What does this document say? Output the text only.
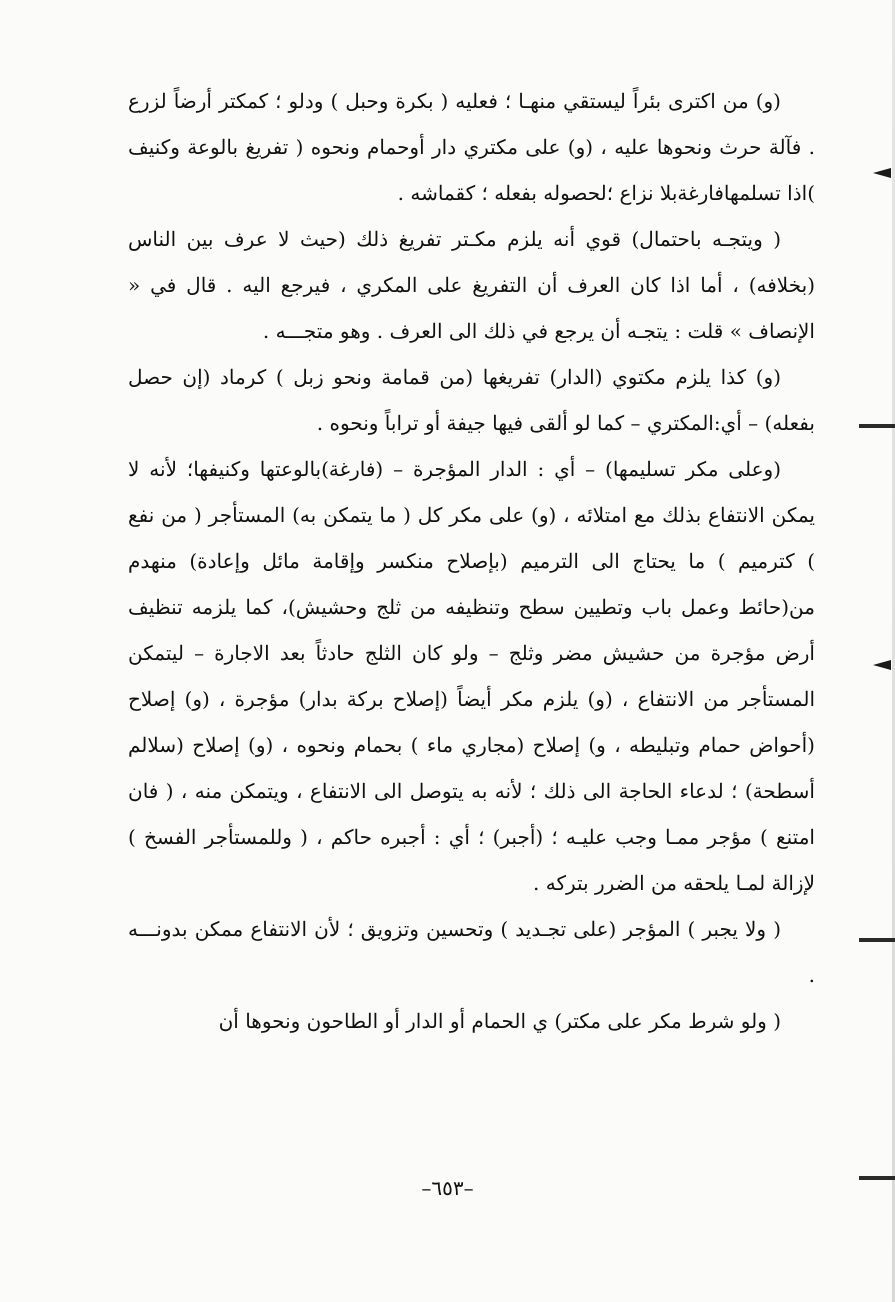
(و) من اكترى بئراً ليستقي منهـا ؛ فعليه ( بكرة وحبل ) ودلو ؛ كمكتر أرضاً لزرع . فآلة حرث ونحوها عليه ، (و) على مكتري دار أوحمام ونحوه ( تفريغ بالوعة وكنيف )اذا تسلمهافارغةبلا نزاع ؛لحصوله بفعله ؛ كقماشه .

( ويتجـه باحتمال) قوي أنه يلزم مكـتر تفريغ ذلك (حيث لا عرف بين الناس (بخلافه) ، أما اذا كان العرف أن التفريغ على المكري ، فيرجع اليه . قال في « الإنصاف » قلت : يتجـه أن يرجع في ذلك الى العرف . وهو متجـــه .

(و) كذا يلزم مكتوي (الدار) تفريغها (من قمامة ونحو زبل ) كرماد (إن حصل بفعله) – أي:المكتري – كما لو ألقى فيها جيفة أو تراباً ونحوه .

(وعلى مكر تسليمها) – أي : الدار المؤجرة – (فارغة)بالوعتها وكنيفها؛ لأنه لا يمكن الانتفاع بذلك مع امتلائه ، (و) على مكر كل ( ما يتمكن به) المستأجر ( من نفع ) كترميم ) ما يحتاج الى الترميم (بإصلاح منكسر وإقامة مائل وإعادة) منهدم من(حائط وعمل باب وتطيين سطح وتنظيفه من ثلج وحشيش)، كما يلزمه تنظيف أرض مؤجرة من حشيش مضر وثلج – ولو كان الثلج حادثاً بعد الاجارة – ليتمكن المستأجر من الانتفاع ، (و) يلزم مكر أيضاً (إصلاح بركة بدار) مؤجرة ، (و) إصلاح (أحواض حمام وتبليطه ، و) إصلاح (مجاري ماء ) بحمام ونحوه ، (و) إصلاح (سلالم أسطحة) ؛ لدعاء الحاجة الى ذلك ؛ لأنه به يتوصل الى الانتفاع ، ويتمكن منه ، ( فان امتنع ) مؤجر ممـا وجب عليـه ؛ (أجبر) ؛ أي : أجبره حاكم ، ( وللمستأجر الفسخ ) لإزالة لمـا يلحقه من الضرر بتركه .

( ولا يجبر ) المؤجر (على تجـديد ) وتحسين وتزويق ؛ لأن الانتفاع ممكن بدونـــه .

( ولو شرط مكر على مكتر) ي الحمام أو الدار أو الطاحون ونحوها أن

–٦٥٣–
